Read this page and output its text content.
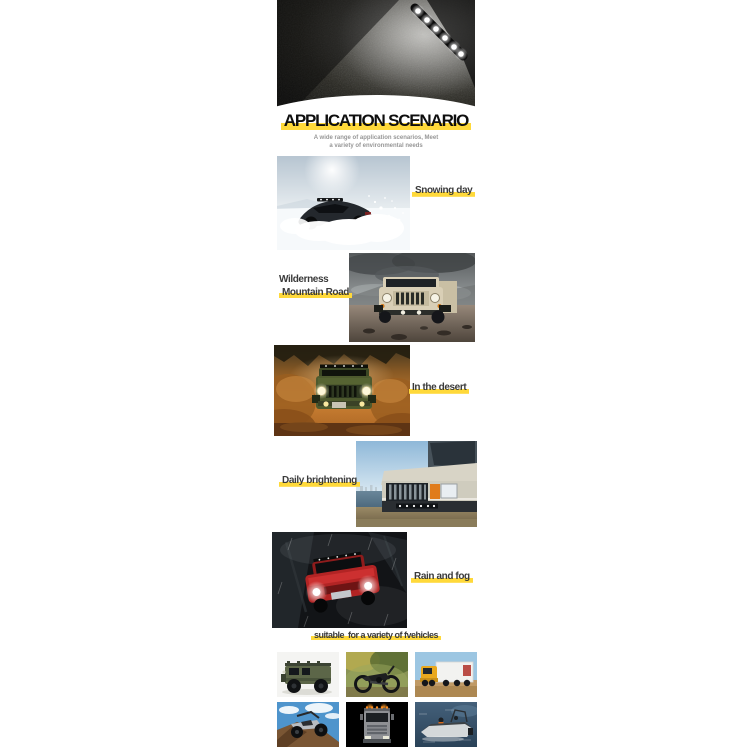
APPLICATION SCENARIO
A wide range of application scenarios, Meet
a variety of environmental needs
Snowing day
Wilderness
Mountain Road
In the desert
Daily brightening
Rain and fog
suitable  for a variety of fvehicles
